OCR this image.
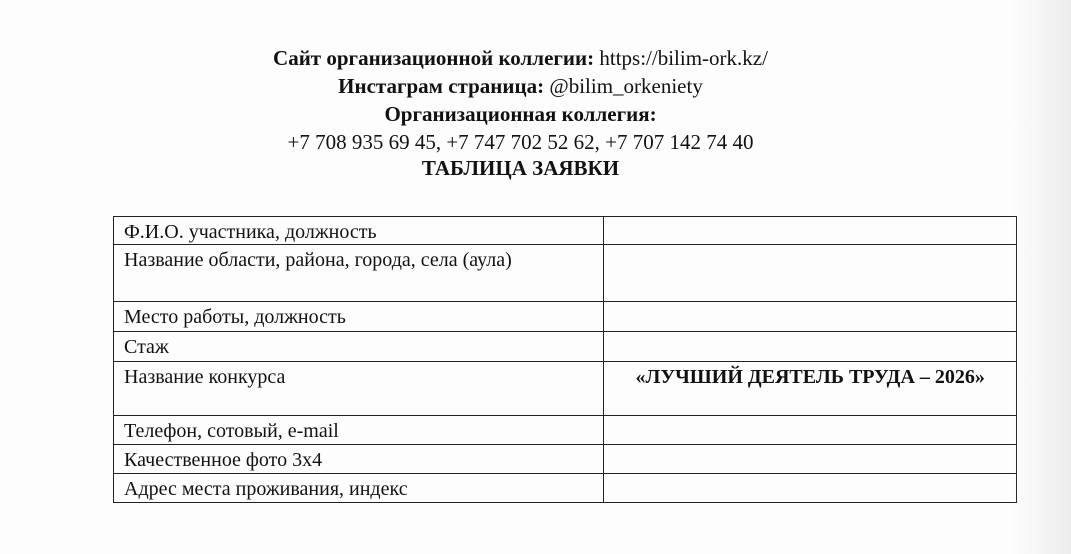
Сайт организационной коллегии: https://bilim-ork.kz/
Инстаграм страница: @bilim_orkeniety
Организационная коллегия:
+7 708 935 69 45, +7 747 702 52 62, +7 707 142 74 40
ТАБЛИЦА ЗАЯВКИ
Ф.И.О. участника, должность	
Название области, района, города, села (аула)	
Место работы, должность	
Стаж	
Название конкурса	«ЛУЧШИЙ ДЕЯТЕЛЬ ТРУДА – 2026»
Телефон, сотовый, e-mail	
Качественное фото 3х4	
Адрес места проживания, индекс	
